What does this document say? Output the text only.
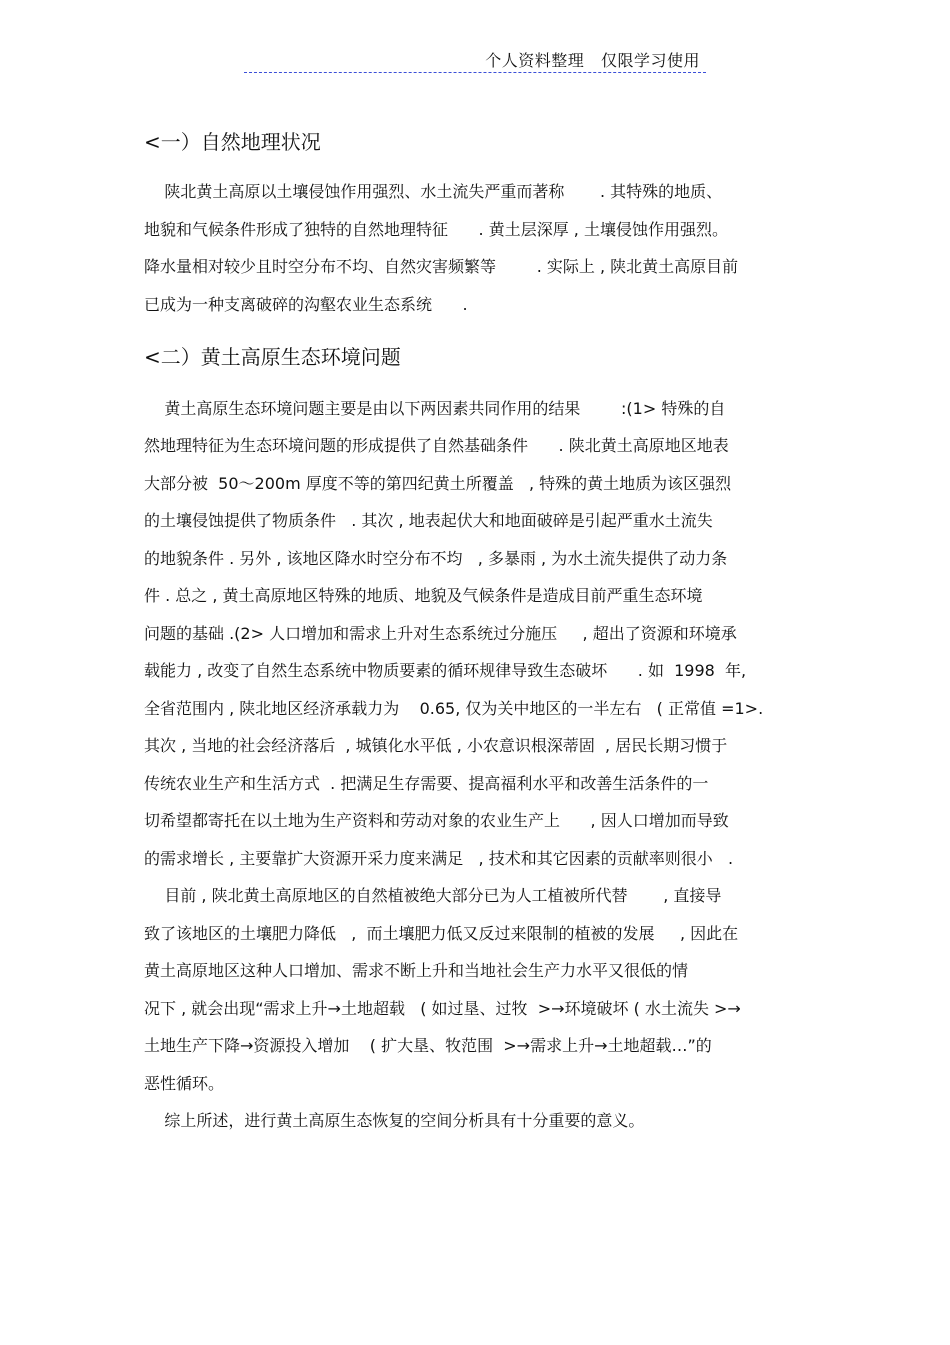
个人资料整理   仅限学习使用
<一）自然地理状况
陕北黄土高原以土壤侵蚀作用强烈、水土流失严重而著称       . 其特殊的地质、
地貌和气候条件形成了独特的自然地理特征      . 黄土层深厚 , 土壤侵蚀作用强烈。
降水量相对较少且时空分布不均、自然灾害频繁等        . 实际上 , 陕北黄土高原目前
已成为一种支离破碎的沟壑农业生态系统      .
<二）黄土高原生态环境问题
黄土高原生态环境问题主要是由以下两因素共同作用的结果        :(1> 特殊的自
然地理特征为生态环境问题的形成提供了自然基础条件      . 陕北黄土高原地区地表
大部分被  50～200m 厚度不等的第四纪黄土所覆盖   , 特殊的黄土地质为该区强烈
的土壤侵蚀提供了物质条件   . 其次 , 地表起伏大和地面破碎是引起严重水土流失
的地貌条件 . 另外 , 该地区降水时空分布不均   , 多暴雨 , 为水土流失提供了动力条
件 . 总之 , 黄土高原地区特殊的地质、地貌及气候条件是造成目前严重生态环境
问题的基础 .(2> 人口增加和需求上升对生态系统过分施压     , 超出了资源和环境承
载能力 , 改变了自然生态系统中物质要素的循环规律导致生态破坏      . 如  1998  年,
全省范围内 , 陕北地区经济承载力为    0.65, 仅为关中地区的一半左右   ( 正常值 =1>.
其次 , 当地的社会经济落后  , 城镇化水平低 , 小农意识根深蒂固  , 居民长期习惯于
传统农业生产和生活方式  . 把满足生存需要、提高福利水平和改善生活条件的一
切希望都寄托在以土地为生产资料和劳动对象的农业生产上      , 因人口增加而导致
的需求增长 , 主要靠扩大资源开采力度来满足   , 技术和其它因素的贡献率则很小   .
目前 , 陕北黄土高原地区的自然植被绝大部分已为人工植被所代替       , 直接导
致了该地区的土壤肥力降低   ,  而土壤肥力低又反过来限制的植被的发展     , 因此在
黄土高原地区这种人口增加、需求不断上升和当地社会生产力水平又很低的情
况下 , 就会出现“需求上升→土地超载   ( 如过垦、过牧  >→环境破坏 ( 水土流失 >→
土地生产下降→资源投入增加    ( 扩大垦、牧范围  >→需求上升→土地超载…”的
恶性循环。
综上所述，进行黄土高原生态恢复的空间分析具有十分重要的意义。
